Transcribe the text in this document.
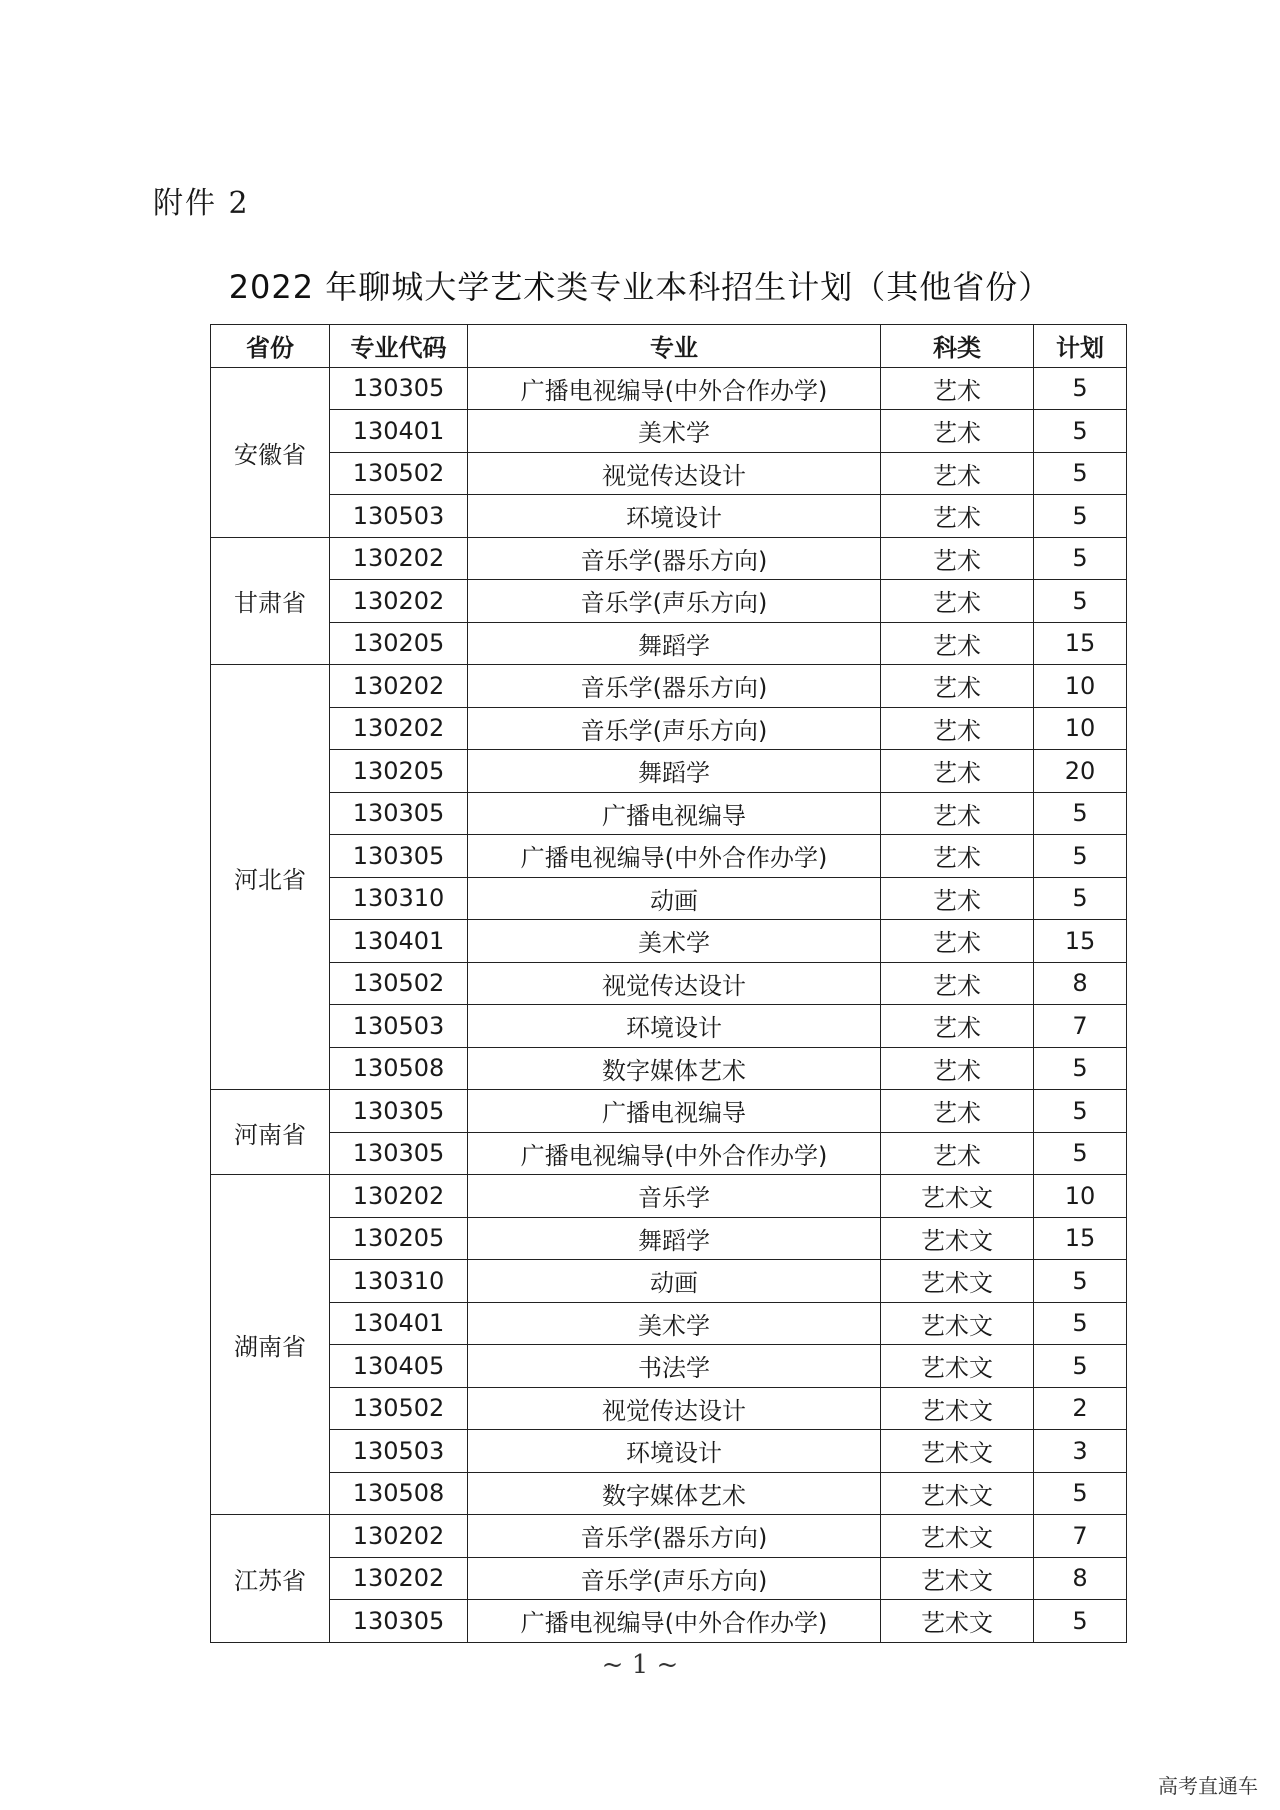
附件 2
2022 年聊城大学艺术类专业本科招生计划（其他省份）
省份	专业代码	专业	科类	计划
安徽省	130305	广播电视编导(中外合作办学)	艺术	5
	130401	美术学	艺术	5
	130502	视觉传达设计	艺术	5
	130503	环境设计	艺术	5
甘肃省	130202	音乐学(器乐方向)	艺术	5
	130202	音乐学(声乐方向)	艺术	5
	130205	舞蹈学	艺术	15
河北省	130202	音乐学(器乐方向)	艺术	10
	130202	音乐学(声乐方向)	艺术	10
	130205	舞蹈学	艺术	20
	130305	广播电视编导	艺术	5
	130305	广播电视编导(中外合作办学)	艺术	5
	130310	动画	艺术	5
	130401	美术学	艺术	15
	130502	视觉传达设计	艺术	8
	130503	环境设计	艺术	7
	130508	数字媒体艺术	艺术	5
河南省	130305	广播电视编导	艺术	5
	130305	广播电视编导(中外合作办学)	艺术	5
湖南省	130202	音乐学	艺术文	10
	130205	舞蹈学	艺术文	15
	130310	动画	艺术文	5
	130401	美术学	艺术文	5
	130405	书法学	艺术文	5
	130502	视觉传达设计	艺术文	2
	130503	环境设计	艺术文	3
	130508	数字媒体艺术	艺术文	5
江苏省	130202	音乐学(器乐方向)	艺术文	7
	130202	音乐学(声乐方向)	艺术文	8
	130305	广播电视编导(中外合作办学)	艺术文	5
~ 1 ~
高考直通车
